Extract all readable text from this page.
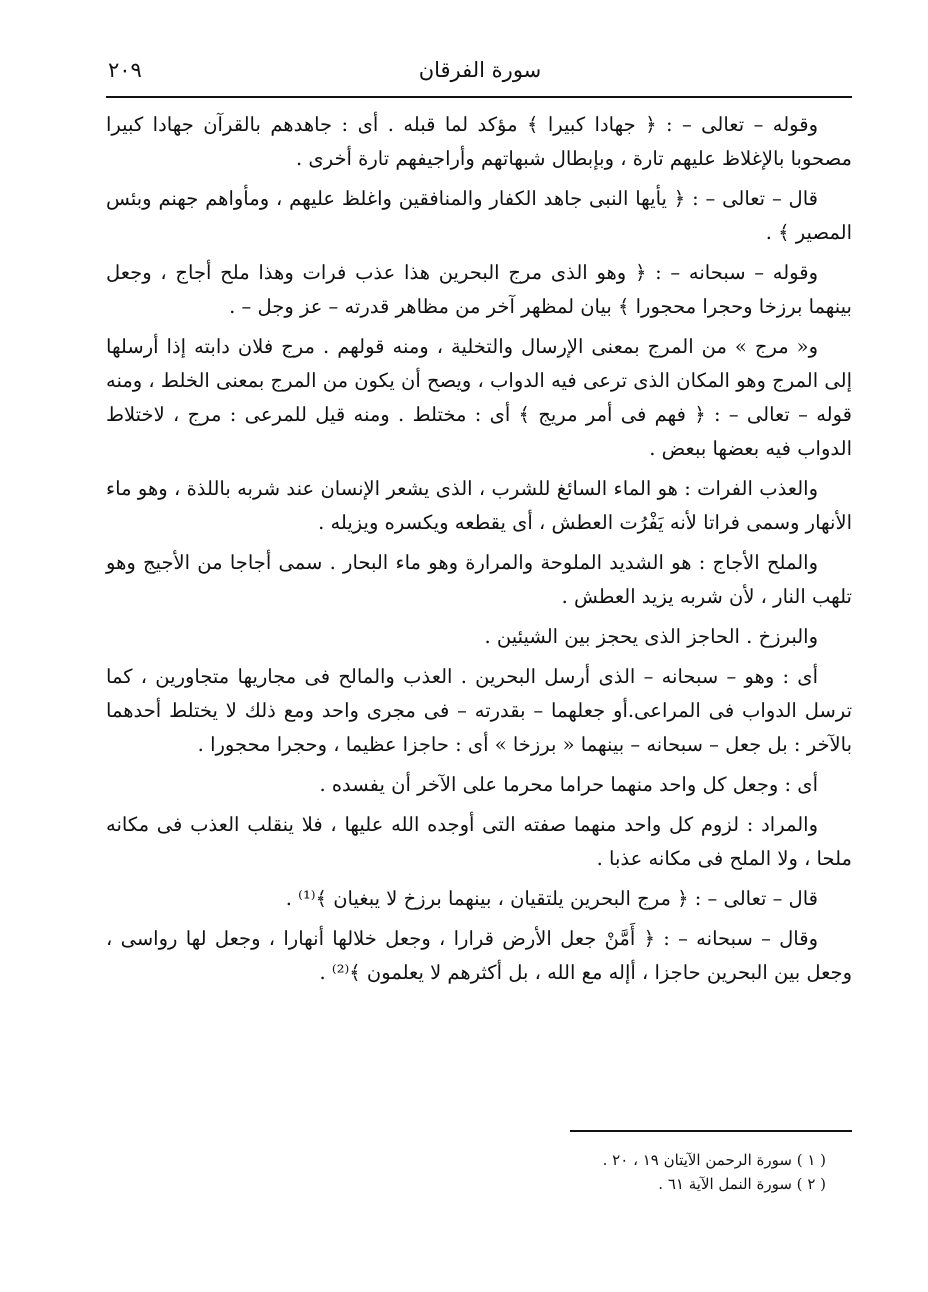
سورة الفرقان
٢٠٩

وقوله – تعالى – : ﴿ جهادا كبيرا ﴾ مؤكد لما قبله . أى : جاهدهم بالقرآن جهادا كبيرا مصحوبا بالإغلاظ عليهم تارة ، وبإبطال شبهاتهم وأراجيفهم تارة أخرى .

قال – تعالى – : ﴿ يأيها النبى جاهد الكفار والمنافقين واغلظ عليهم ، ومأواهم جهنم وبئس المصير ﴾ .

وقوله – سبحانه – : ﴿ وهو الذى مرج البحرين هذا عذب فرات وهذا ملح أجاج ، وجعل بينهما برزخا وحجرا محجورا ﴾ بيان لمظهر آخر من مظاهر قدرته – عز وجل – .

و« مرج » من المرج بمعنى الإرسال والتخلية ، ومنه قولهم . مرج فلان دابته إذا أرسلها إلى المرج وهو المكان الذى ترعى فيه الدواب ، ويصح أن يكون من المرج بمعنى الخلط ، ومنه قوله – تعالى – : ﴿ فهم فى أمر مريج ﴾ أى : مختلط . ومنه قيل للمرعى : مرج ، لاختلاط الدواب فيه بعضها ببعض .

والعذب الفرات : هو الماء السائغ للشرب ، الذى يشعر الإنسان عند شربه باللذة ، وهو ماء الأنهار وسمى فراتا لأنه يَفْرُت العطش ، أى يقطعه ويكسره ويزيله .

والملح الأجاج : هو الشديد الملوحة والمرارة وهو ماء البحار . سمى أجاجا من الأجيج وهو تلهب النار ، لأن شربه يزيد العطش .

والبرزخ . الحاجز الذى يحجز بين الشيئين .

أى : وهو – سبحانه – الذى أرسل البحرين . العذب والمالح فى مجاريها متجاورين ، كما ترسل الدواب فى المراعى.أو جعلهما – بقدرته – فى مجرى واحد ومع ذلك لا يختلط أحدهما بالآخر : بل جعل – سبحانه – بينهما « برزخا » أى : حاجزا عظيما ، وحجرا محجورا .

أى : وجعل كل واحد منهما حراما محرما على الآخر أن يفسده .

والمراد : لزوم كل واحد منهما صفته التى أوجده الله عليها ، فلا ينقلب العذب فى مكانه ملحا ، ولا الملح فى مكانه عذبا .

قال – تعالى – : ﴿ مرج البحرين يلتقيان ، بينهما برزخ لا يبغيان ﴾⁽¹⁾ .

وقال – سبحانه – : ﴿ أَمَّنْ جعل الأرض قرارا ، وجعل خلالها أنهارا ، وجعل لها رواسى ، وجعل بين البحرين حاجزا ، أإله مع الله ، بل أكثرهم لا يعلمون ﴾⁽²⁾ .

( ١ ) سورة الرحمن الآيتان ١٩ ، ٢٠ .

( ٢ ) سورة النمل الآية ٦١ .
